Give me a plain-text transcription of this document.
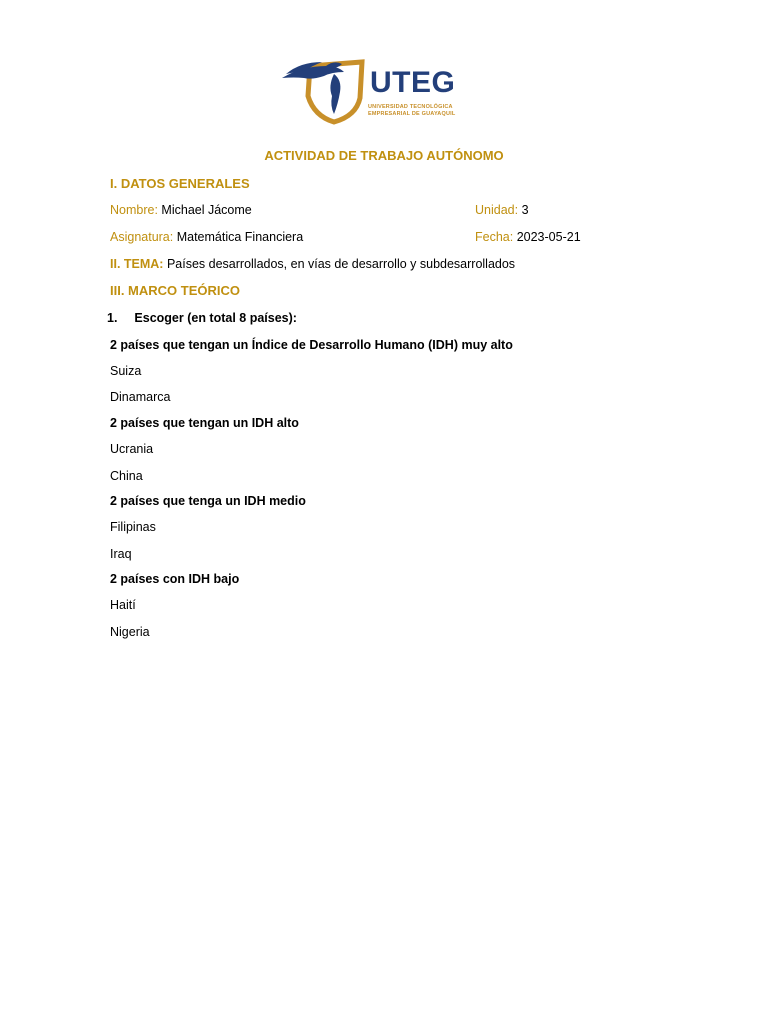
UTEG
UNIVERSIDAD TECNOLÓGICA
EMPRESARIAL DE GUAYAQUIL
ACTIVIDAD DE TRABAJO AUTÓNOMO
I. DATOS GENERALES
Nombre: Michael Jácome	Unidad: 3
Asignatura: Matemática Financiera	Fecha: 2023-05-21
II. TEMA: Países desarrollados, en vías de desarrollo y subdesarrollados
III. MARCO TEÓRICO
1. Escoger (en total 8 países):
2 países que tengan un Índice de Desarrollo Humano (IDH) muy alto
Suiza
Dinamarca
2 países que tengan un IDH alto
Ucrania
China
2 países que tenga un IDH medio
Filipinas
Iraq
2 países con IDH bajo
Haití
Nigeria
